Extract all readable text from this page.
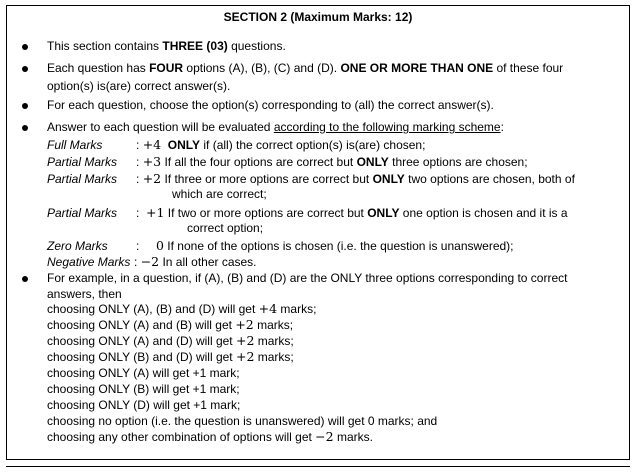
SECTION 2 (Maximum Marks: 12)
This section contains THREE (03) questions.
Each question has FOUR options (A), (B), (C) and (D). ONE OR MORE THAN ONE of these four
option(s) is(are) correct answer(s).
For each question, choose the option(s) corresponding to (all) the correct answer(s).
Answer to each question will be evaluated according to the following marking scheme:
Full Marks	: +4 ONLY if (all) the correct option(s) is(are) chosen;
Partial Marks : +3 If all the four options are correct but ONLY three options are chosen;
Partial Marks : +2 If three or more options are correct but ONLY two options are chosen, both of
which are correct;
Partial Marks : +1 If two or more options are correct but ONLY one option is chosen and it is a
correct option;
Zero Marks : 0 If none of the options is chosen (i.e. the question is unanswered);
Negative Marks : −2 In all other cases.
For example, in a question, if (A), (B) and (D) are the ONLY three options corresponding to correct
answers, then
choosing ONLY (A), (B) and (D) will get +4 marks;
choosing ONLY (A) and (B) will get +2 marks;
choosing ONLY (A) and (D) will get +2 marks;
choosing ONLY (B) and (D) will get +2 marks;
choosing ONLY (A) will get +1 mark;
choosing ONLY (B) will get +1 mark;
choosing ONLY (D) will get +1 mark;
choosing no option (i.e. the question is unanswered) will get 0 marks; and
choosing any other combination of options will get −2 marks.
